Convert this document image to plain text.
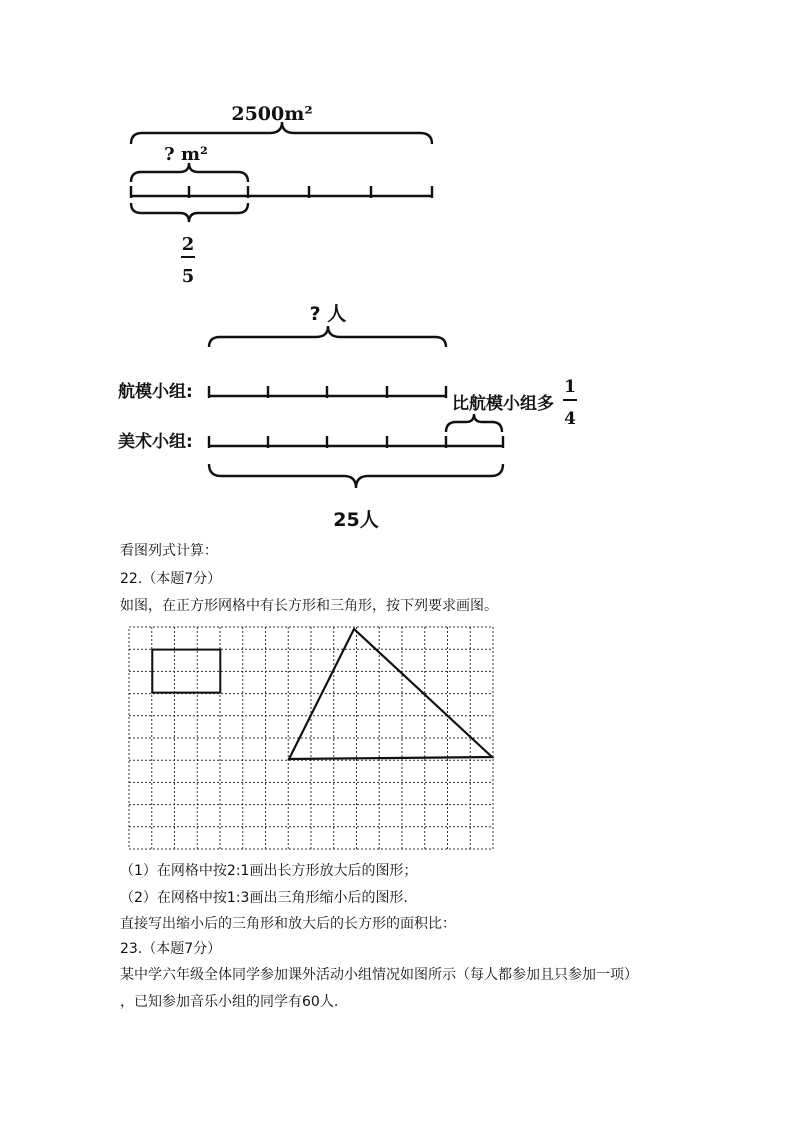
2500m²
? m²
2
5
? 人
航模小组:
比航模小组多
1
4
美术小组:
25人
看图列式计算：
22.（本题7分）
如图，在正方形网格中有长方形和三角形，按下列要求画图。
（1）在网格中按2:1画出长方形放大后的图形；
（2）在网格中按1:3画出三角形缩小后的图形.
直接写出缩小后的三角形和放大后的长方形的面积比：
23.（本题7分）
某中学六年级全体同学参加课外活动小组情况如图所示（每人都参加且只参加一项）
，已知参加音乐小组的同学有60人.
